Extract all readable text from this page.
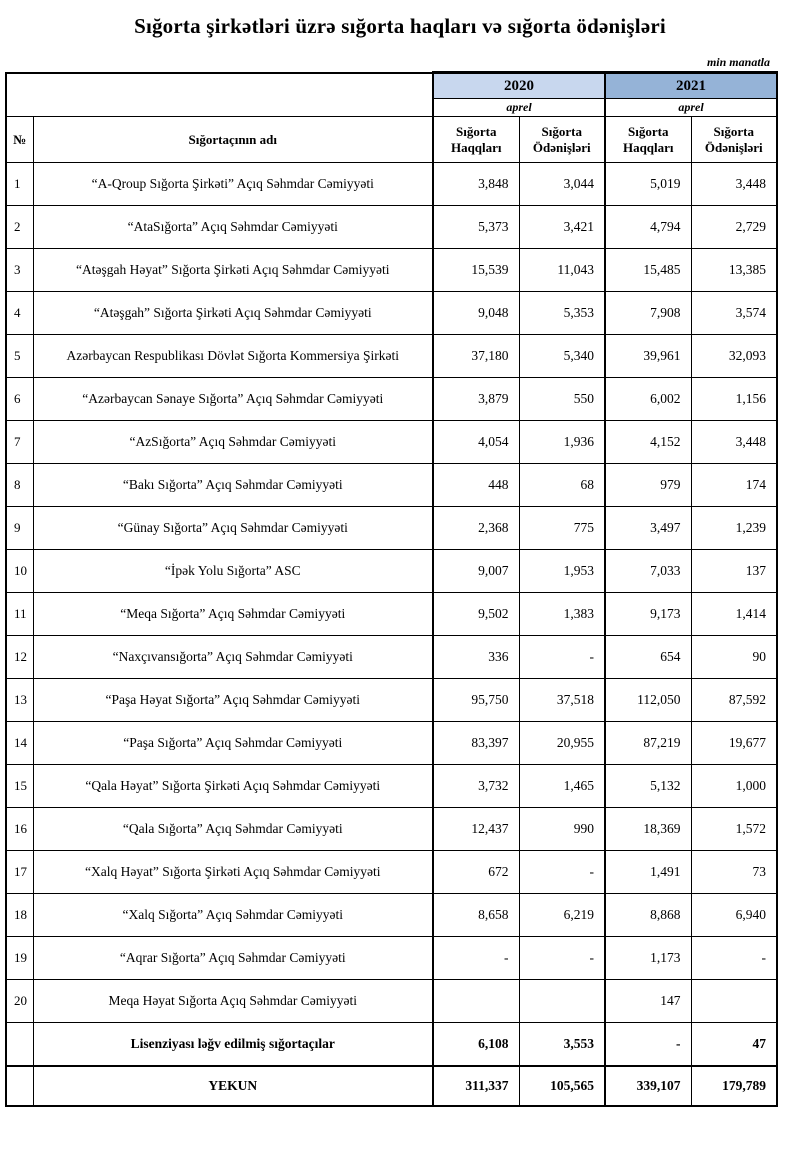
Sığorta şirkətləri üzrə sığorta haqları və sığorta ödənişləri
min manatla
		2020		2021	
		aprel		aprel	
№	Sığortaçının adı	Sığorta Haqqları	Sığorta Ödənişləri	Sığorta Haqqları	Sığorta Ödənişləri
1	“A-Qroup Sığorta Şirkəti” Açıq Səhmdar Cəmiyyəti	3,848	3,044	5,019	3,448
2	“AtaSığorta” Açıq Səhmdar Cəmiyyəti	5,373	3,421	4,794	2,729
3	“Atəşgah Həyat” Sığorta Şirkəti Açıq Səhmdar Cəmiyyəti	15,539	11,043	15,485	13,385
4	“Atəşgah” Sığorta Şirkəti Açıq Səhmdar Cəmiyyəti	9,048	5,353	7,908	3,574
5	Azərbaycan Respublikası Dövlət Sığorta Kommersiya Şirkəti	37,180	5,340	39,961	32,093
6	“Azərbaycan Sənaye Sığorta” Açıq Səhmdar Cəmiyyəti	3,879	550	6,002	1,156
7	“AzSığorta” Açıq Səhmdar Cəmiyyəti	4,054	1,936	4,152	3,448
8	“Bakı Sığorta” Açıq Səhmdar Cəmiyyəti	448	68	979	174
9	“Günay Sığorta” Açıq Səhmdar Cəmiyyəti	2,368	775	3,497	1,239
10	“İpək Yolu Sığorta” ASC	9,007	1,953	7,033	137
11	“Meqa Sığorta” Açıq Səhmdar Cəmiyyəti	9,502	1,383	9,173	1,414
12	“Naxçıvansığorta” Açıq Səhmdar Cəmiyyəti	336	-	654	90
13	“Paşa Həyat Sığorta” Açıq Səhmdar Cəmiyyəti	95,750	37,518	112,050	87,592
14	“Paşa Sığorta” Açıq Səhmdar Cəmiyyəti	83,397	20,955	87,219	19,677
15	“Qala Həyat” Sığorta Şirkəti Açıq Səhmdar Cəmiyyəti	3,732	1,465	5,132	1,000
16	“Qala Sığorta” Açıq Səhmdar Cəmiyyəti	12,437	990	18,369	1,572
17	“Xalq Həyat” Sığorta Şirkəti Açıq Səhmdar Cəmiyyəti	672	-	1,491	73
18	“Xalq Sığorta” Açıq Səhmdar Cəmiyyəti	8,658	6,219	8,868	6,940
19	“Aqrar Sığorta” Açıq Səhmdar Cəmiyyəti	-	-	1,173	-
20	Meqa Həyat Sığorta Açıq Səhmdar Cəmiyyəti			147	
	Lisenziyası ləğv edilmiş sığortaçılar	6,108	3,553	-	47
	YEKUN	311,337	105,565	339,107	179,789
